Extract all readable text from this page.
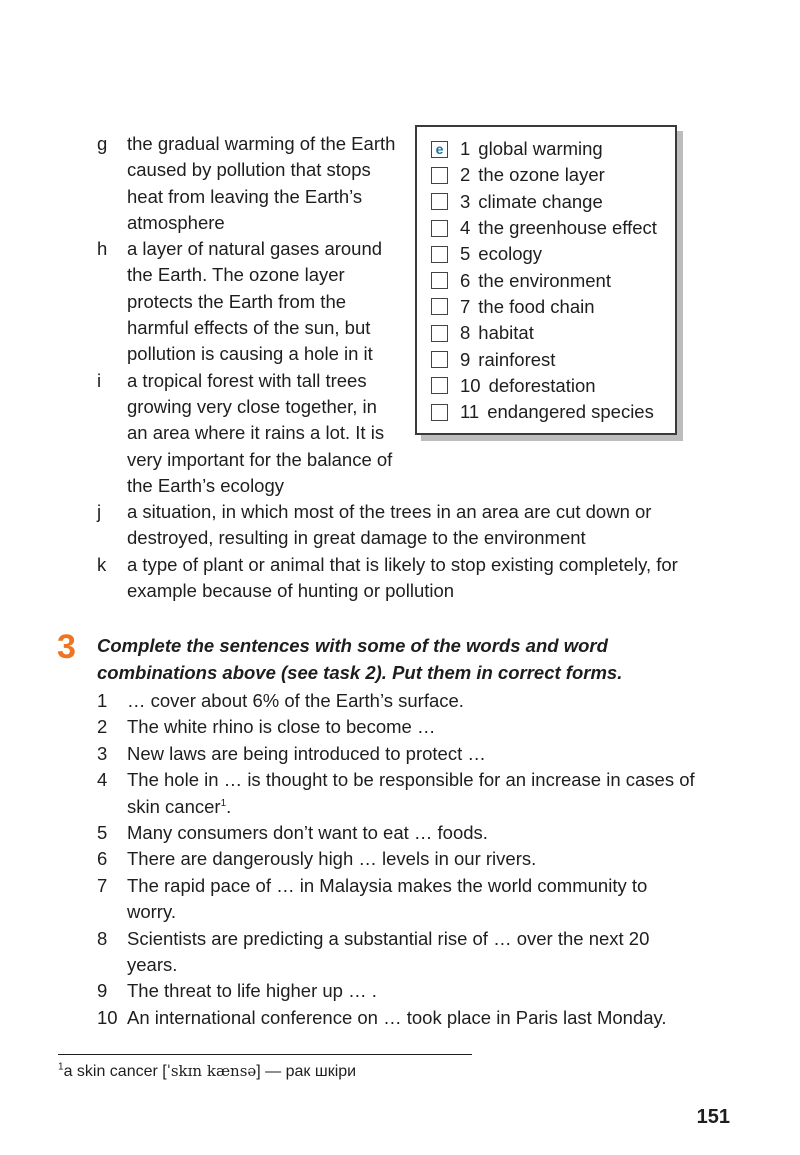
g	the gradual warming of the Earth caused by pollution that stops heat from leaving the Earth’s atmosphere
h	a layer of natural gases around the Earth. The ozone layer protects the Earth from the harmful effects of the sun, but pollution is causing a hole in it
i	a tropical forest with tall trees growing very close together, in an area where it rains a lot. It is very important for the balance of the Earth’s ecology
j	a situation, in which most of the trees in an area are cut down or destroyed, resulting in great damage to the environment
k	a type of plant or animal that is likely to stop existing completely, for example because of hunting or pollution
e 1 global warming
2 the ozone layer
3 climate change
4 the greenhouse effect
5 ecology
6 the environment
7 the food chain
8 habitat
9 rainforest
10 deforestation
11 endangered species
3 Complete the sentences with some of the words and word combinations above (see task 2). Put them in correct forms.
1	… cover about 6% of the Earth’s surface.
2	The white rhino is close to become …
3	New laws are being introduced to protect …
4	The hole in … is thought to be responsible for an increase in cases of skin cancer$^1$.
5	Many consumers don’t want to eat … foods.
6	There are dangerously high … levels in our rivers.
7	The rapid pace of … in Malaysia makes the world community to worry.
8	Scientists are predicting a substantial rise of … over the next 20 years.
9	The threat to life higher up … .
10 An international conference on … took place in Paris last Monday.
$^1$a skin cancer [ˈskɪn kænsə] — рак шкіри
151
